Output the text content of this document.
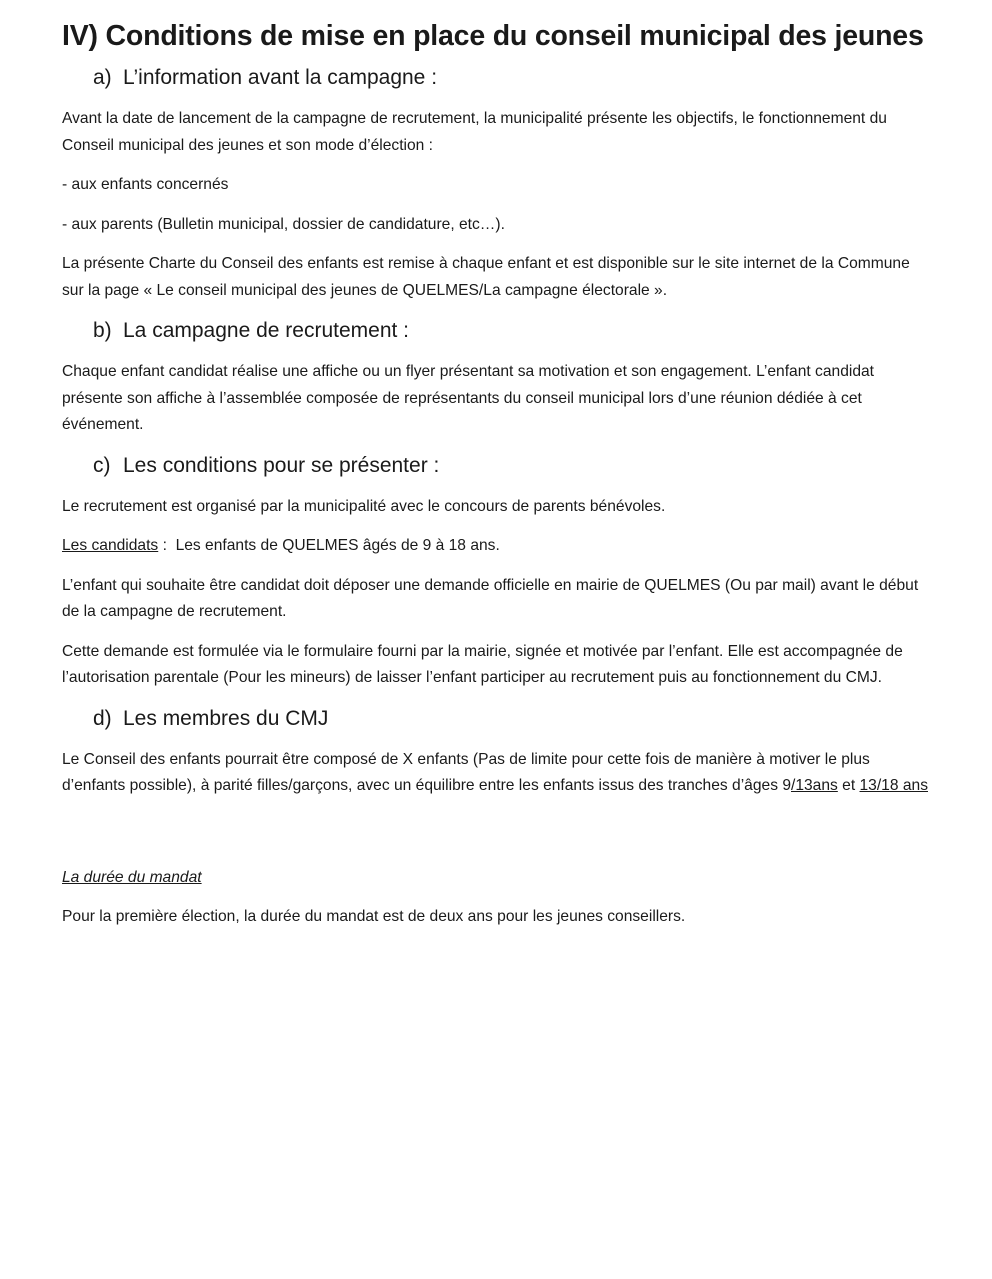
IV) Conditions de mise en place du conseil municipal des jeunes
a) L’information avant la campagne :

Avant la date de lancement de la campagne de recrutement, la municipalité présente les objectifs, le fonctionnement du Conseil municipal des jeunes et son mode d’élection :

- aux enfants concernés

- aux parents (Bulletin municipal, dossier de candidature, etc…).

La présente Charte du Conseil des enfants est remise à chaque enfant et est disponible sur le site internet de la Commune sur la page « Le conseil municipal des jeunes de QUELMES/La campagne électorale ».

b) La campagne de recrutement :

Chaque enfant candidat réalise une affiche ou un flyer présentant sa motivation et son engagement. L’enfant candidat présente son affiche à l’assemblée composée de représentants du conseil municipal lors d’une réunion dédiée à cet événement.

c) Les conditions pour se présenter :

Le recrutement est organisé par la municipalité avec le concours de parents bénévoles.

Les candidats :  Les enfants de QUELMES âgés de 9 à 18 ans.

L’enfant qui souhaite être candidat doit déposer une demande officielle en mairie de QUELMES (Ou par mail) avant le début de la campagne de recrutement.

Cette demande est formulée via le formulaire fourni par la mairie, signée et motivée par l’enfant. Elle est accompagnée de l’autorisation parentale (Pour les mineurs) de laisser l’enfant participer au recrutement puis au fonctionnement du CMJ.

d) Les membres du CMJ

Le Conseil des enfants pourrait être composé de X enfants (Pas de limite pour cette fois de manière à motiver le plus d’enfants possible), à parité filles/garçons, avec un équilibre entre les enfants issus des tranches d’âges 9/13ans et 13/18 ans

La durée du mandat

Pour la première élection, la durée du mandat est de deux ans pour les jeunes conseillers.
